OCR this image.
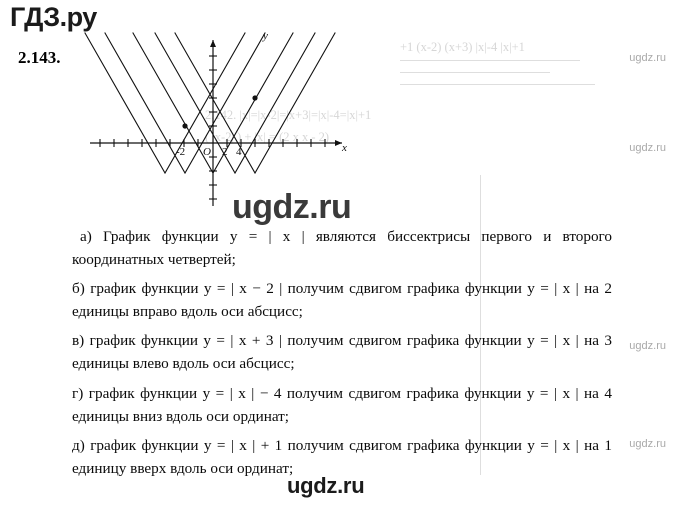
ГДЗ.ру
+1 (x-2) (x+3) |x|-4 |x|+1
2.142. |x|=|x-2|=|x+3|=|x|-4=|x|+1
( |x-2| ) + |x| = (2 x x - 2)
ugdz.ru
ugdz.ru
ugdz.ru
ugdz.ru
2.143.
y
x
-2 O 2 4
ugdz.ru

а) График функции y = | x | являются биссектрисы первого и второго координатных четвертей;

б) график функции y = | x − 2 | получим сдвигом графика функции y = | x | на 2 единицы вправо вдоль оси абсцисс;

в) график функции y = | x + 3 | получим сдвигом графика функции y = | x | на 3 единицы влево вдоль оси абсцисс;

г) график функции y = | x | − 4 получим сдвигом графика функции y = | x | на 4 единицы вниз вдоль оси ординат;

д) график функции y = | x | + 1 получим сдвигом графика функции y = | x | на 1 единицу вверх вдоль оси ординат;

ugdz.ru
